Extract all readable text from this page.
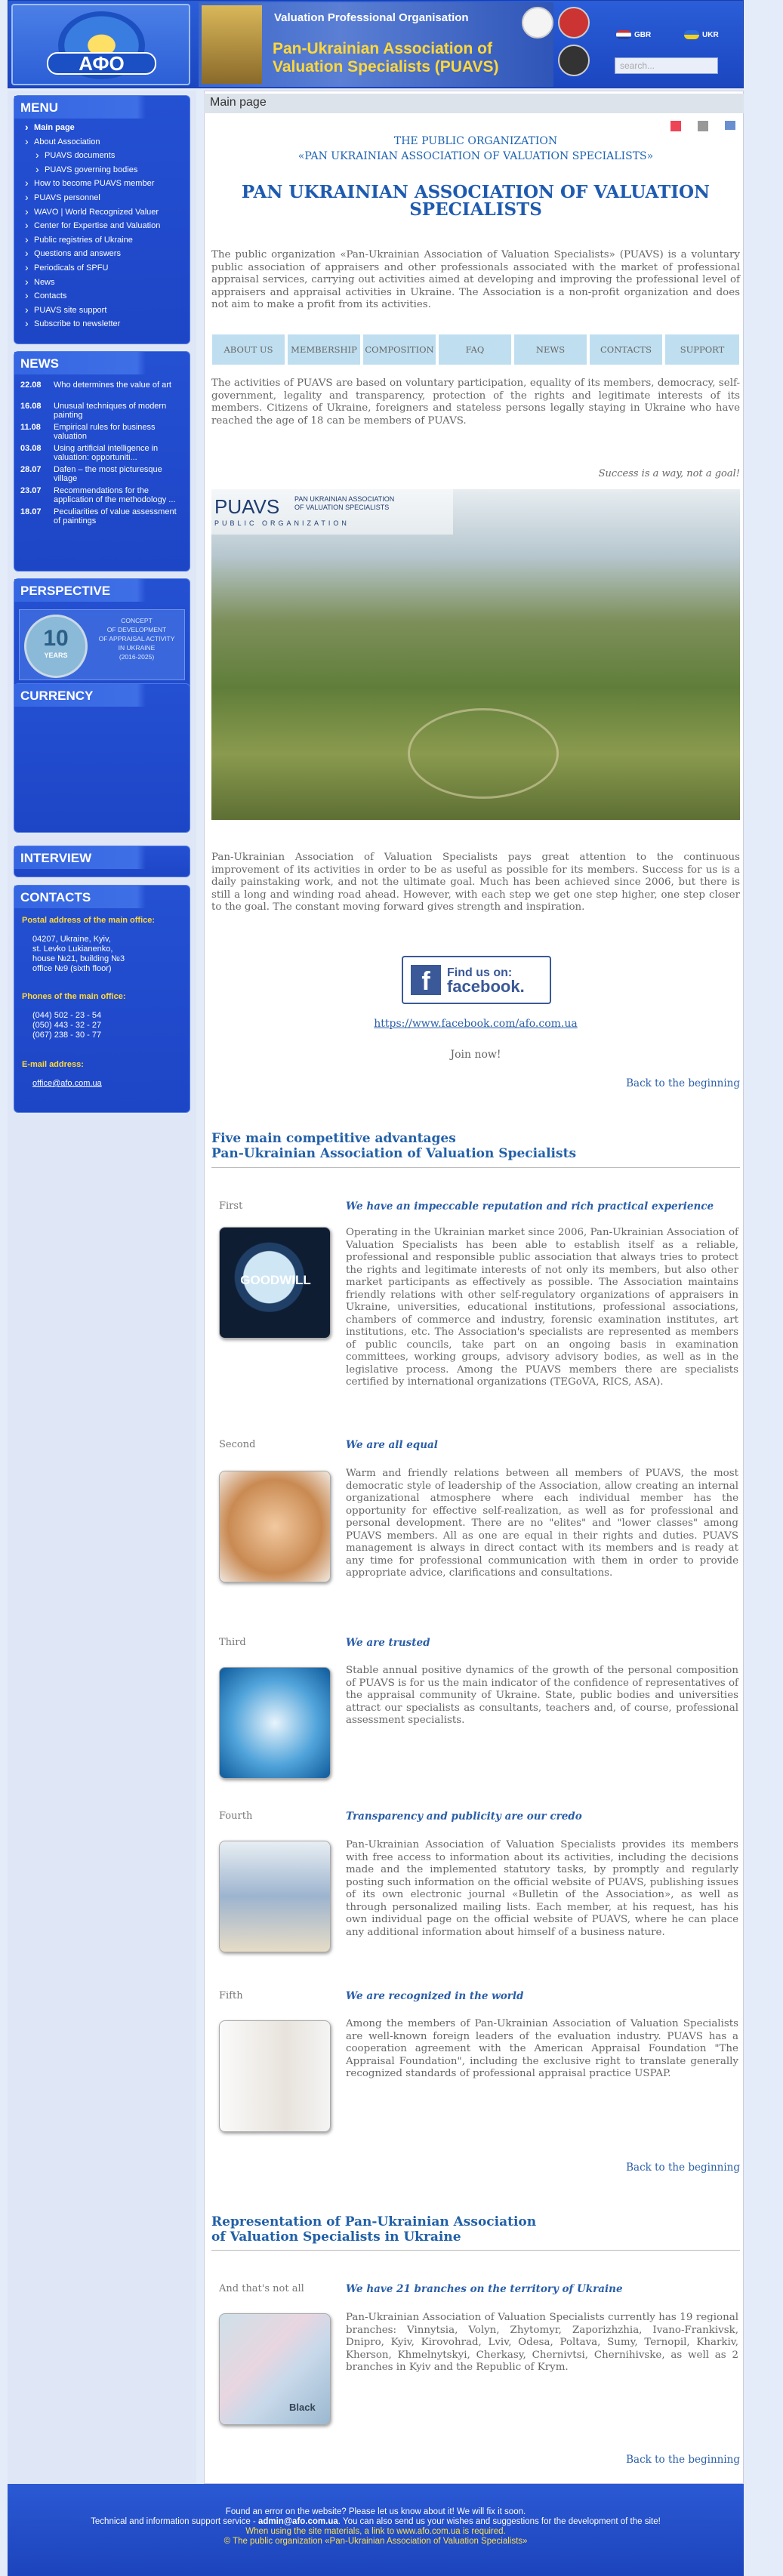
АФО
Valuation Professional Organisation
Pan-Ukrainian Association of Valuation Specialists (PUAVS)
GBR	UKR
search...
MENU
› Main page
› About Association
› PUAVS documents
› PUAVS governing bodies
› How to become PUAVS member
› PUAVS personnel
› WAVO | World Recognized Valuer
› Center for Expertise and Valuation
› Public registries of Ukraine
› Questions and answers
› Periodicals of SPFU
› News
› Contacts
› PUAVS site support
› Subscribe to newsletter
NEWS
22.08	Who determines the value of art
16.08	Unusual techniques of modern painting
11.08	Empirical rules for business valuation
03.08	Using artificial intelligence in valuation: opportuniti...
28.07	Dafen – the most picturesque village
23.07	Recommendations for the application of the methodology ...
18.07	Peculiarities of value assessment of paintings
PERSPECTIVE
10
YEARS
CONCEPT
OF DEVELOPMENT
OF APPRAISAL ACTIVITY
IN UKRAINE
(2016-2025)
CURRENCY
INTERVIEW
CONTACTS
Postal address of the main office:
04207, Ukraine, Kyiv,
st. Levko Lukianenko,
house №21, building №3
office №9 (sixth floor)
Phones of the main office:
(044) 502 - 23 - 54
(050) 443 - 32 - 27
(067) 238 - 30 - 77
E-mail address:
office@afo.com.ua
Main page
THE PUBLIC ORGANIZATION
«PAN UKRAINIAN ASSOCIATION OF VALUATION SPECIALISTS»
PAN UKRAINIAN ASSOCIATION OF VALUATION SPECIALISTS
The public organization «Pan-Ukrainian Association of Valuation Specialists» (PUAVS) is a voluntary public association of appraisers and other professionals associated with the market of professional appraisal services, carrying out activities aimed at developing and improving the professional level of appraisers and appraisal activities in Ukraine. The Association is a non-profit organization and does not aim to make a profit from its activities.
ABOUT US	MEMBERSHIP COMPOSITION	FAQ	NEWS	CONTACTS	SUPPORT
The activities of PUAVS are based on voluntary participation, equality of its members, democracy, self-government, legality and transparency, protection of the rights and legitimate interests of its members. Citizens of Ukraine, foreigners and stateless persons legally staying in Ukraine who have reached the age of 18 can be members of PUAVS.
Success is a way, not a goal!
PUAVS PAN UKRAINIAN ASSOCIATION
OF VALUATION SPECIALISTS
PUBLIC ORGANIZATION
Pan-Ukrainian Association of Valuation Specialists pays great attention to the continuous improvement of its activities in order to be as useful as possible for its members. Success for us is a daily painstaking work, and not the ultimate goal. Much has been achieved since 2006, but there is still a long and winding road ahead. However, with each step we get one step higher, one step closer to the goal. The constant moving forward gives strength and inspiration.
f	Find us on:
facebook.
https://www.facebook.com/afo.com.ua
Join now!
Back to the beginning
Five main competitive advantages
Pan-Ukrainian Association of Valuation Specialists
First	We have an impeccable reputation and rich practical experience
GOODWILL
Operating in the Ukrainian market since 2006, Pan-Ukrainian Association of Valuation Specialists has been able to establish itself as a reliable, professional and responsible public association that always tries to protect the rights and legitimate interests of not only its members, but also other market participants as effectively as possible. The Association maintains friendly relations with other self-regulatory organizations of appraisers in Ukraine, universities, educational institutions, professional associations, chambers of commerce and industry, forensic examination institutes, art institutions, etc. The Association's specialists are represented as members of public councils, take part on an ongoing basis in examination committees, working groups, advisory advisory bodies, as well as in the legislative process. Among the PUAVS members there are specialists certified by international organizations (TEGoVA, RICS, ASA).
Second	We are all equal
Warm and friendly relations between all members of PUAVS, the most democratic style of leadership of the Association, allow creating an internal organizational atmosphere where each individual member has the opportunity for effective self-realization, as well as for professional and personal development. There are no "elites" and "lower classes" among PUAVS members. All as one are equal in their rights and duties. PUAVS management is always in direct contact with its members and is ready at any time for professional communication with them in order to provide appropriate advice, clarifications and consultations.
Third	We are trusted
Stable annual positive dynamics of the growth of the personal composition of PUAVS is for us the main indicator of the confidence of representatives of the appraisal community of Ukraine. State, public bodies and universities attract our specialists as consultants, teachers and, of course, professional assessment specialists.
Fourth	Transparency and publicity are our credo
Pan-Ukrainian Association of Valuation Specialists provides its members with free access to information about its activities, including the decisions made and the implemented statutory tasks, by promptly and regularly posting such information on the official website of PUAVS, publishing issues of its own electronic journal «Bulletin of the Association», as well as through personalized mailing lists. Each member, at his request, has his own individual page on the official website of PUAVS, where he can place any additional information about himself of a business nature.
Fifth	We are recognized in the world
Among the members of Pan-Ukrainian Association of Valuation Specialists are well-known foreign leaders of the evaluation industry. PUAVS has a cooperation agreement with the American Appraisal Foundation "The Appraisal Foundation", including the exclusive right to translate generally recognized standards of professional appraisal practice USPAP.
Back to the beginning
Representation of Pan-Ukrainian Association
of Valuation Specialists in Ukraine
And that's not all	We have 21 branches on the territory of Ukraine
Black
Pan-Ukrainian Association of Valuation Specialists currently has 19 regional branches: Vinnytsia, Volyn, Zhytomyr, Zaporizhzhia, Ivano-Frankivsk, Dnipro, Kyiv, Kirovohrad, Lviv, Odesa, Poltava, Sumy, Ternopil, Kharkiv, Kherson, Khmelnytskyi, Cherkasy, Chernivtsi, Chernihivske, as well as 2 branches in Kyiv and the Republic of Krym.
Back to the beginning
Found an error on the website? Please let us know about it! We will fix it soon.
Technical and information support service - admin@afo.com.ua. You can also send us your wishes and suggestions for the development of the site!
When using the site materials, a link to www.afo.com.ua is required.
© The public organization «Pan-Ukrainian Association of Valuation Specialists»
